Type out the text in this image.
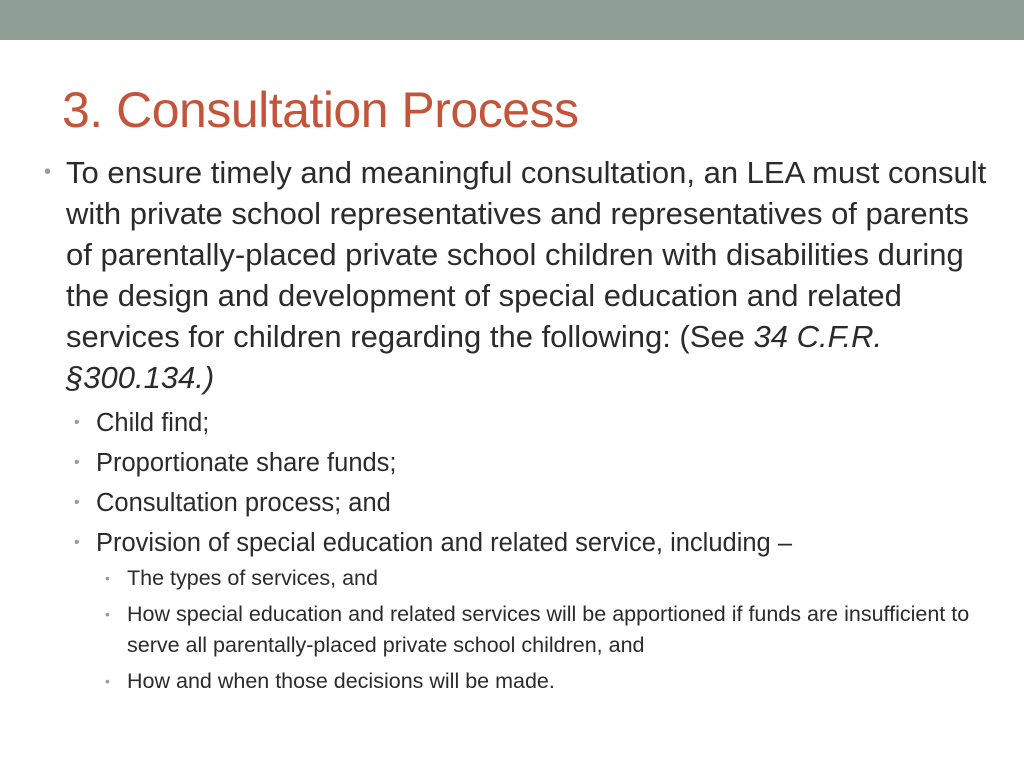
3. Consultation Process
• To ensure timely and meaningful consultation, an LEA must consult with private school representatives and representatives of parents of parentally-placed private school children with disabilities during the design and development of special education and related services for children regarding the following: (See 34 C.F.R. §300.134.)
• Child find;
• Proportionate share funds;
• Consultation process; and
• Provision of special education and related service, including –
• The types of services, and
• How special education and related services will be apportioned if funds are insufficient to serve all parentally-placed private school children, and
• How and when those decisions will be made.
